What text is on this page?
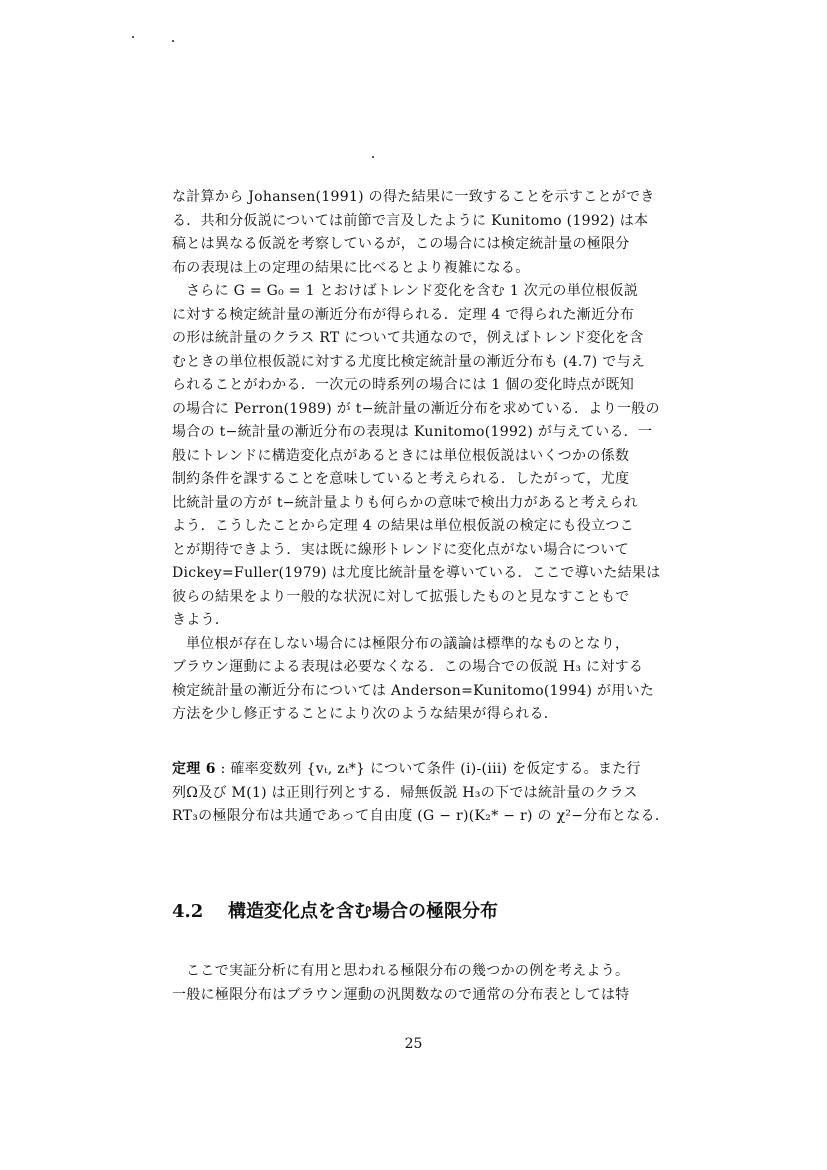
な計算から Johansen(1991) の得た結果に一致することを示すことができ
る．共和分仮説については前節で言及したように Kunitomo (1992) は本
稿とは異なる仮説を考察しているが，この場合には検定統計量の極限分
布の表現は上の定理の結果に比べるとより複雑になる。
さらに G = G₀ = 1 とおけばトレンド変化を含む 1 次元の単位根仮説
に対する検定統計量の漸近分布が得られる．定理 4 で得られた漸近分布
の形は統計量のクラス RT について共通なので，例えばトレンド変化を含
むときの単位根仮説に対する尤度比検定統計量の漸近分布も (4.7) で与え
られることがわかる．一次元の時系列の場合には 1 個の変化時点が既知
の場合に Perron(1989) が t−統計量の漸近分布を求めている．より一般の
場合の t−統計量の漸近分布の表現は Kunitomo(1992) が与えている．一
般にトレンドに構造変化点があるときには単位根仮説はいくつかの係数
制約条件を課することを意味していると考えられる．したがって，尤度
比統計量の方が t−統計量よりも何らかの意味で検出力があると考えられ
よう．こうしたことから定理 4 の結果は単位根仮説の検定にも役立つこ
とが期待できよう．実は既に線形トレンドに変化点がない場合について
Dickey=Fuller(1979) は尤度比統計量を導いている．ここで導いた結果は
彼らの結果をより一般的な状況に対して拡張したものと見なすこともで
きよう．
単位根が存在しない場合には極限分布の議論は標準的なものとなり，
ブラウン運動による表現は必要なくなる．この場合での仮説 H₃ に対する
検定統計量の漸近分布については Anderson=Kunitomo(1994) が用いた
方法を少し修正することにより次のような結果が得られる．
定理 6 : 確率変数列 {vₜ, zₜ*} について条件 (i)-(iii) を仮定する。また行
列Ω及び M(1) は正則行列とする．帰無仮説 H₃の下では統計量のクラス
RT₃の極限分布は共通であって自由度 (G − r)(K₂* − r) の χ²−分布となる．
4.2 構造変化点を含む場合の極限分布
ここで実証分析に有用と思われる極限分布の幾つかの例を考えよう。
一般に極限分布はブラウン運動の汎関数なので通常の分布表としては特
25
